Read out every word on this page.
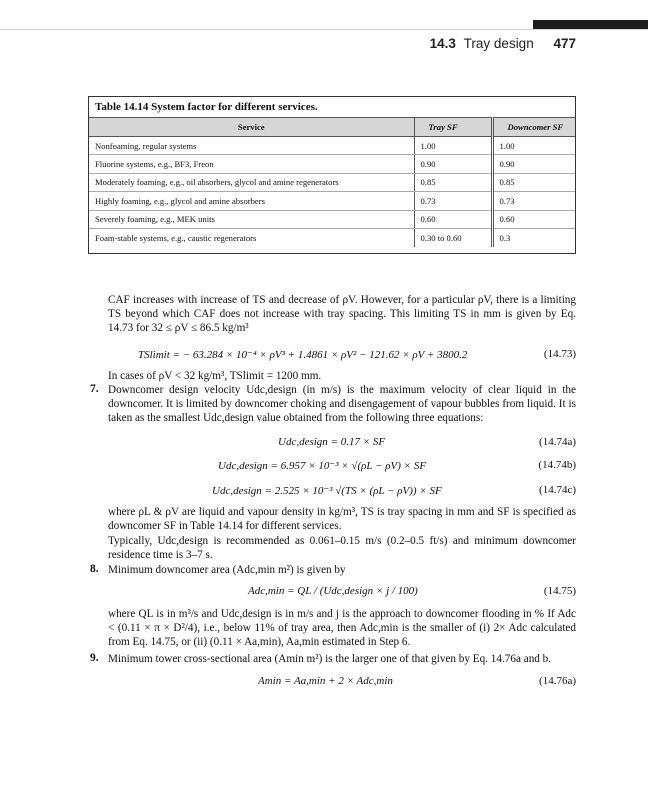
14.3 Tray design 477
Table 14.14 System factor for different services.
Service	Tray SF	Downcomer SF
Nonfoaming, regular systems	1.00	1.00
Fluorine systems, e.g., BF3, Freon	0.90	0.90
Moderately foaming, e.g., oil absorbers, glycol and amine regenerators	0.85	0.85
Highly foaming, e.g., glycol and amine absorbers	0.73	0.73
Severely foaming, e.g., MEK units	0.60	0.60
Foam-stable systems, e.g., caustic regenerators	0.30 to 0.60	0.3
CAF increases with increase of TS and decrease of ρV. However, for a particular ρV, there is a limiting TS beyond which CAF does not increase with tray spacing. This limiting TS in mm is given by Eq. 14.73 for 32 ≤ ρV ≤ 86.5 kg/m³
TSlimit = − 63.284 × 10⁻⁴ × ρV³ + 1.4861 × ρV² − 121.62 × ρV + 3800.2	(14.73)
In cases of ρV < 32 kg/m³, TSlimit = 1200 mm.
7. Downcomer design velocity Udc,design (in m/s) is the maximum velocity of clear liquid in the downcomer. It is limited by downcomer choking and disengagement of vapour bubbles from liquid. It is taken as the smallest Udc,design value obtained from the following three equations:
Udc,design = 0.17 × SF	(14.74a)
Udc,design = 6.957 × 10⁻³ × √(ρL − ρV) × SF	(14.74b)
Udc,design = 2.525 × 10⁻³ √(TS × (ρL − ρV)) × SF	(14.74c)
where ρL & ρV are liquid and vapour density in kg/m³, TS is tray spacing in mm and SF is specified as downcomer SF in Table 14.14 for different services.
Typically, Udc,design is recommended as 0.061–0.15 m/s (0.2–0.5 ft/s) and minimum downcomer residence time is 3–7 s.
8. Minimum downcomer area (Adc,min m²) is given by
Adc,min = QL / (Udc,design × j / 100)	(14.75)
where QL is in m³/s and Udc,design is in m/s and j is the approach to downcomer flooding in % If Adc < (0.11 × π × D²/4), i.e., below 11% of tray area, then Adc,min is the smaller of (i) 2× Adc calculated from Eq. 14.75, or (ii) (0.11 × Aa,min), Aa,min estimated in Step 6.
9. Minimum tower cross-sectional area (Amin m²) is the larger one of that given by Eq. 14.76a and b.
Amin = Aa,min + 2 × Adc,min	(14.76a)
